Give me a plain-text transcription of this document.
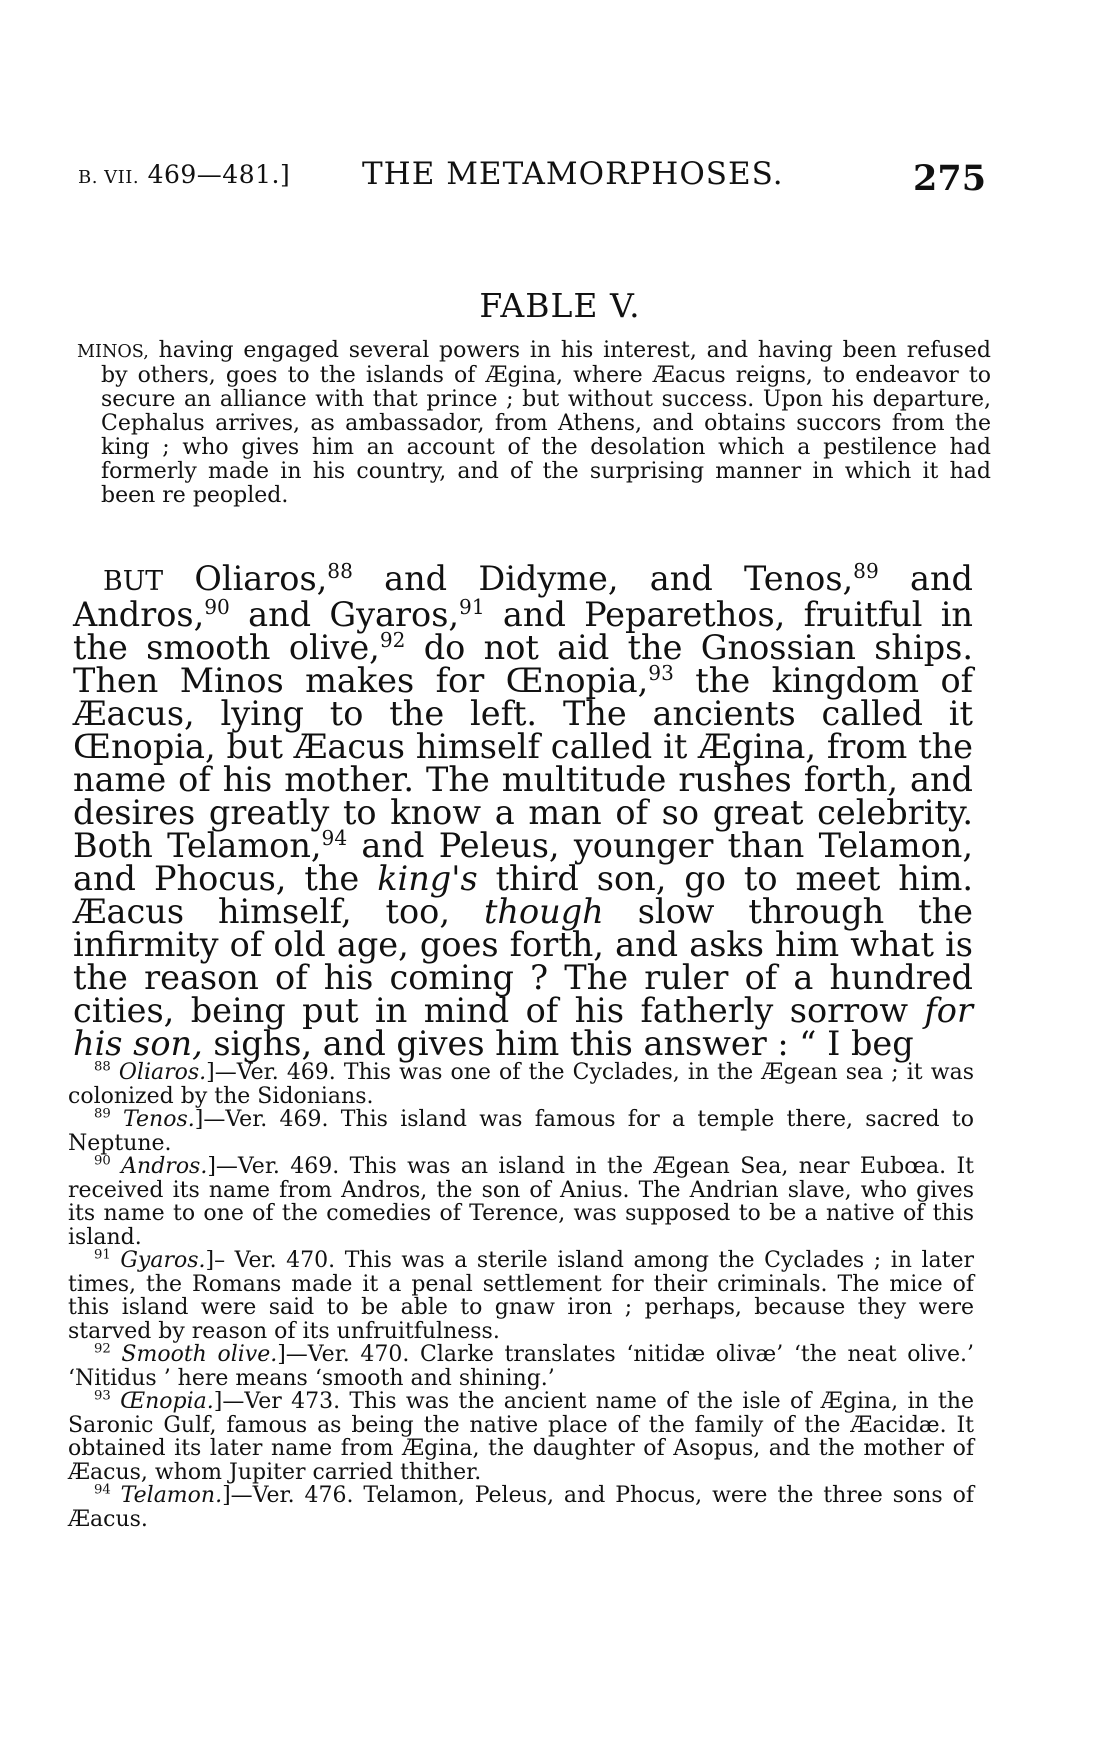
B. VII. 469—481.] THE METAMORPHOSES.	275
FABLE V.
MINOS, having engaged several powers in his interest, and having been refused by others, goes to the islands of Ægina, where Æacus reigns, to endeavor to secure an alliance with that prince ; but without success. Upon his departure, Cephalus arrives, as ambassador, from Athens, and obtains succors from the king ; who gives him an account of the desolation which a pestilence had formerly made in his country, and of the surprising manner in which it had been re peopled.
BUT Oliaros,$^{88}$ and Didyme, and Tenos,$^{89}$ and Andros,$^{90}$ and Gyaros,$^{91}$ and Peparethos, fruitful in the smooth olive,$^{92}$ do not aid the Gnossian ships. Then Minos makes for Œnopia,$^{93}$ the kingdom of Æacus, lying to the left. The ancients called it Œnopia, but Æacus himself called it Ægina, from the name of his mother. The multitude rushes forth, and desires greatly to know a man of so great celebrity. Both Telamon,$^{94}$ and Peleus, younger than Telamon, and Phocus, the king's third son, go to meet him. Æacus himself, too, though slow through the infirmity of old age, goes forth, and asks him what is the reason of his coming ? The ruler of a hundred cities, being put in mind of his fatherly sorrow for his son, sighs, and gives him this answer : “ I beg

$^{88}$ Oliaros.]—Ver. 469. This was one of the Cyclades, in the Ægean sea ; it was colonized by the Sidonians.

$^{89}$ Tenos.]—Ver. 469. This island was famous for a temple there, sacred to Neptune.

$^{90}$ Andros.]—Ver. 469. This was an island in the Ægean Sea, near Eubœa. It received its name from Andros, the son of Anius. The Andrian slave, who gives its name to one of the comedies of Terence, was supposed to be a native of this island.

$^{91}$ Gyaros.]– Ver. 470. This was a sterile island among the Cyclades ; in later times, the Romans made it a penal settlement for their criminals. The mice of this island were said to be able to gnaw iron ; perhaps, because they were starved by reason of its unfruitfulness.

$^{92}$ Smooth olive.]—Ver. 470. Clarke translates ‘nitidæ olivæ’ ‘the neat olive.’ ‘Nitidus ’ here means ‘smooth and shining.’

$^{93}$ Œnopia.]—Ver 473. This was the ancient name of the isle of Ægina, in the Saronic Gulf, famous as being the native place of the family of the Æacidæ. It obtained its later name from Ægina, the daughter of Asopus, and the mother of Æacus, whom Jupiter carried thither.

$^{94}$ Telamon.]—Ver. 476. Telamon, Peleus, and Phocus, were the three sons of Æacus.
